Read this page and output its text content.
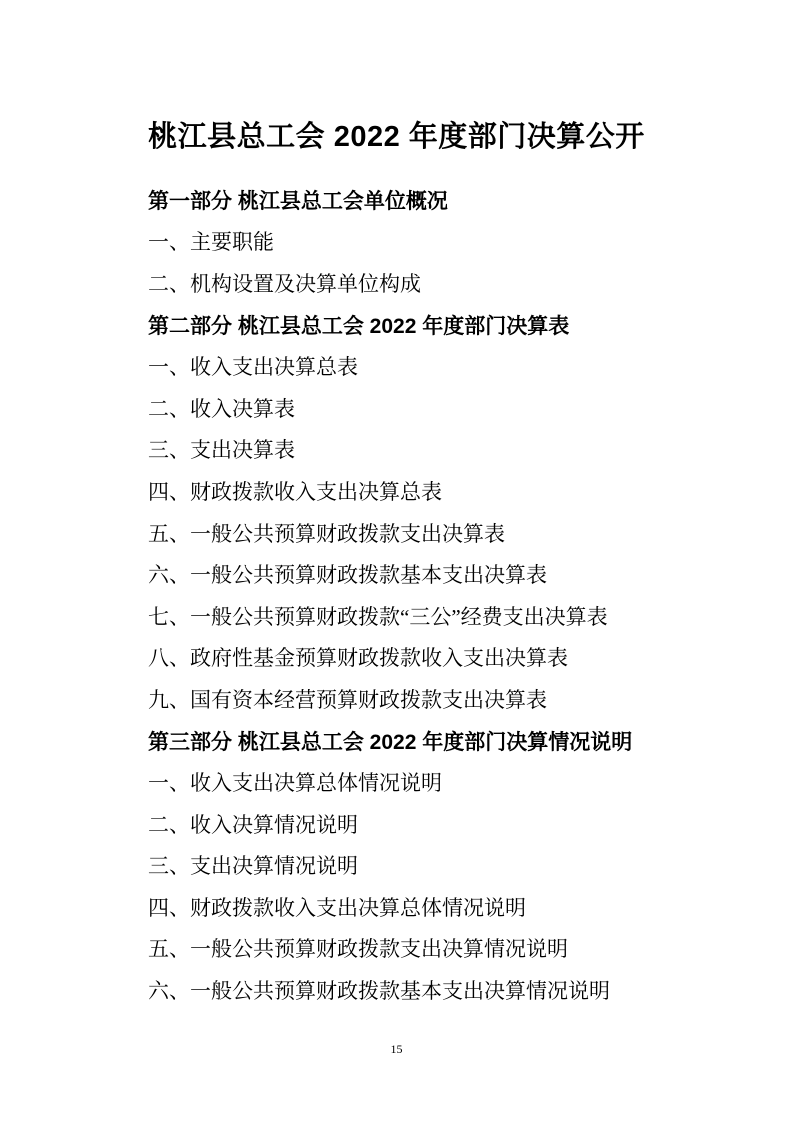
桃江县总工会 2022 年度部门决算公开
第一部分 桃江县总工会单位概况
一、主要职能
二、机构设置及决算单位构成
第二部分 桃江县总工会 2022 年度部门决算表
一、收入支出决算总表
二、收入决算表
三、支出决算表
四、财政拨款收入支出决算总表
五、一般公共预算财政拨款支出决算表
六、一般公共预算财政拨款基本支出决算表
七、一般公共预算财政拨款“三公”经费支出决算表
八、政府性基金预算财政拨款收入支出决算表
九、国有资本经营预算财政拨款支出决算表
第三部分 桃江县总工会 2022 年度部门决算情况说明
一、收入支出决算总体情况说明
二、收入决算情况说明
三、支出决算情况说明
四、财政拨款收入支出决算总体情况说明
五、一般公共预算财政拨款支出决算情况说明
六、一般公共预算财政拨款基本支出决算情况说明
15
